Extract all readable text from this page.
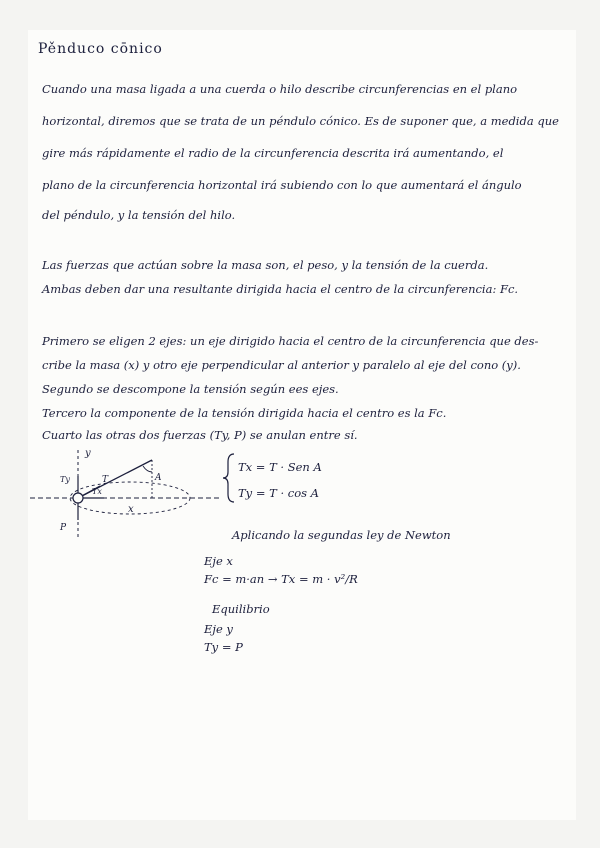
Pěnduco cōnico

Cuando una masa ligada a una cuerda o hilo describe circunferencias en el plano

horizontal, diremos que se trata de un péndulo cónico. Es de suponer que, a medida que

gire más rápidamente el radio de la circunferencia descrita irá aumentando, el

plano de la circunferencia horizontal irá subiendo con lo que aumentará el ángulo

del péndulo, y la tensión del hilo.

Las fuerzas que actúan sobre la masa son, el peso, y la tensión de la cuerda.

Ambas deben dar una resultante dirigida hacia el centro de la circunferencia: Fc.

Primero se eligen 2 ejes: un eje dirigido hacia el centro de la circunferencia que des-

cribe la masa (x) y otro eje perpendicular al anterior y paralelo al eje del cono (y).

Segundo se descompone la tensión según ees ejes.

Tercero la componente de la tensión dirigida hacia el centro es la Fc.

Cuarto las otras dos fuerzas (Ty, P) se anulan entre sí.

y
x
T
Ty
Tx
P
A

Tx = T · Sen A

Ty = T · cos A

Aplicando la segundas ley de Newton

Eje x

Fc = m·an → Tx = m · v²/R

Equilibrio

Eje y

Ty = P
